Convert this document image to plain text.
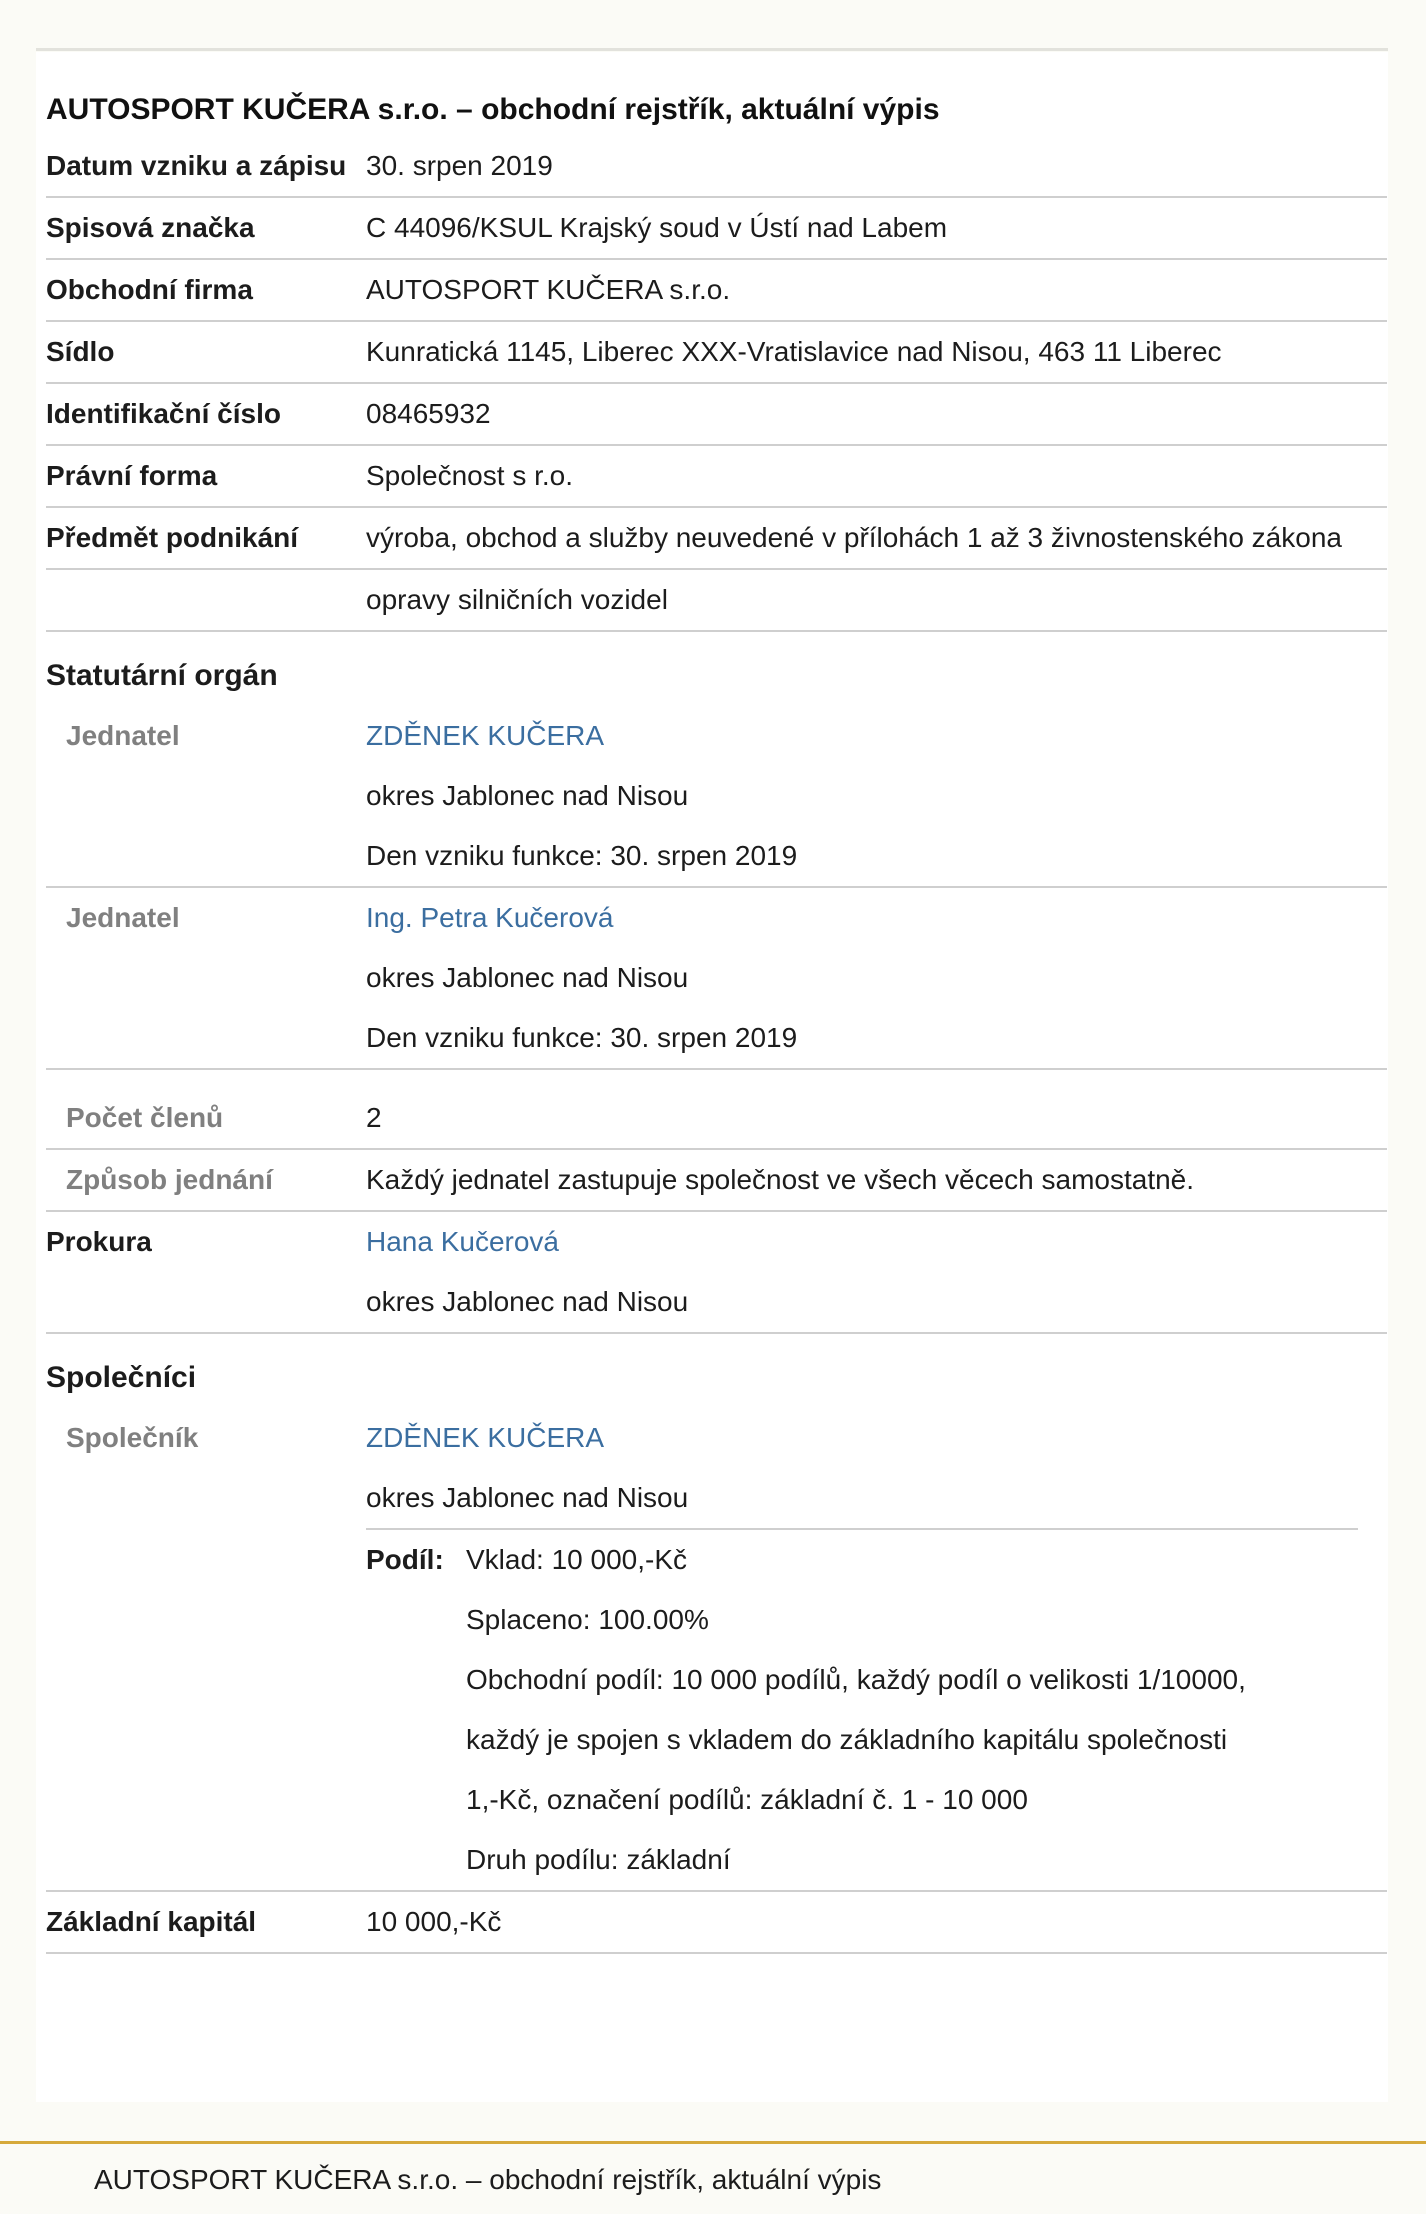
AUTOSPORT KUČERA s.r.o. – obchodní rejstřík, aktuální výpis
Datum vzniku a zápisu 30. srpen 2019
Spisová značka	C 44096/KSUL Krajský soud v Ústí nad Labem
Obchodní firma	AUTOSPORT KUČERA s.r.o.
Sídlo	Kunratická 1145, Liberec XXX-Vratislavice nad Nisou, 463 11 Liberec
Identifikační číslo	08465932
Právní forma	Společnost s r.o.
Předmět podnikání	výroba, obchod a služby neuvedené v přílohách 1 až 3 živnostenského zákona
opravy silničních vozidel
Statutární orgán
Jednatel	ZDĚNEK KUČERA
okres Jablonec nad Nisou
Den vzniku funkce: 30. srpen 2019
Jednatel	Ing. Petra Kučerová
okres Jablonec nad Nisou
Den vzniku funkce: 30. srpen 2019
Počet členů	2
Způsob jednání	Každý jednatel zastupuje společnost ve všech věcech samostatně.
Prokura	Hana Kučerová
okres Jablonec nad Nisou
Společníci
Společník	ZDĚNEK KUČERA
okres Jablonec nad Nisou
Podíl: Vklad: 10 000,-Kč
Splaceno: 100.00%
Obchodní podíl: 10 000 podílů, každý podíl o velikosti 1/10000,
každý je spojen s vkladem do základního kapitálu společnosti
1,-Kč, označení podílů: základní č. 1 - 10 000
Druh podílu: základní
Základní kapitál	10 000,-Kč
AUTOSPORT KUČERA s.r.o. – obchodní rejstřík, aktuální výpis
